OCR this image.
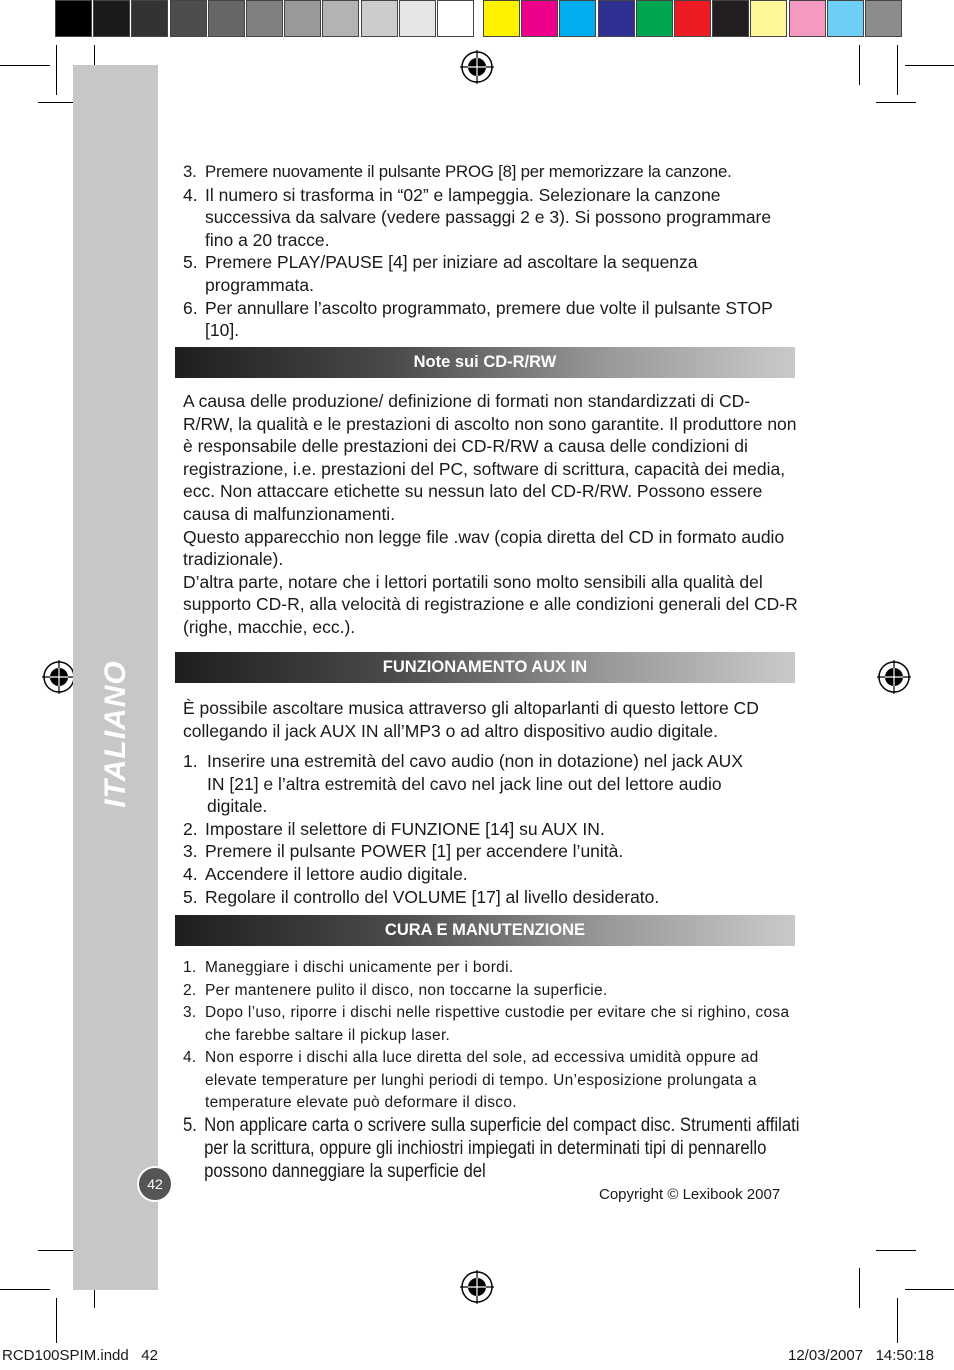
ITALIANO
3. Premere nuovamente il pulsante PROG [8] per memorizzare la canzone.
4. Il numero si trasforma in “02” e lampeggia. Selezionare la canzone successiva da salvare (vedere passaggi 2 e 3). Si possono programmare fino a 20 tracce.
5. Premere PLAY/PAUSE [4] per iniziare ad ascoltare la sequenza programmata.
6. Per annullare l’ascolto programmato, premere due volte il pulsante STOP [10].
Note sui CD-R/RW
A causa delle produzione/ definizione di formati non standardizzati di CD-R/RW, la qualità e le prestazioni di ascolto non sono garantite. Il produttore non è responsabile delle prestazioni dei CD-R/RW a causa delle condizioni di registrazione, i.e. prestazioni del PC, software di scrittura, capacità dei media, ecc. Non attaccare etichette su nessun lato del CD-R/RW. Possono essere causa di malfunzionamenti.
Questo apparecchio non legge file .wav (copia diretta del CD in formato audio tradizionale).
D’altra parte, notare che i lettori portatili sono molto sensibili alla qualità del supporto CD-R, alla velocità di registrazione e alle condizioni generali del CD-R (righe, macchie, ecc.).
FUNZIONAMENTO AUX IN
È possibile ascoltare musica attraverso gli altoparlanti di questo lettore CD collegando il jack AUX IN all’MP3 o ad altro dispositivo audio digitale.
1. Inserire una estremità del cavo audio (non in dotazione) nel jack AUX IN [21] e l’altra estremità del cavo nel jack line out del lettore audio digitale.
2. Impostare il selettore di FUNZIONE [14] su AUX IN.
3. Premere il pulsante POWER [1] per accendere l’unità.
4. Accendere il lettore audio digitale.
5. Regolare il controllo del VOLUME [17] al livello desiderato.
CURA E MANUTENZIONE
1. Maneggiare i dischi unicamente per i bordi.
2. Per mantenere pulito il disco, non toccarne la superficie.
3. Dopo l’uso, riporre i dischi nelle rispettive custodie per evitare che si righino, cosa che farebbe saltare il pickup laser.
4. Non esporre i dischi alla luce diretta del sole, ad eccessiva umidità oppure ad elevate temperature per lunghi periodi di tempo. Un’esposizione prolungata a temperature elevate può deformare il disco.
5. Non applicare carta o scrivere sulla superficie del compact disc. Strumenti affilati per la scrittura, oppure gli inchiostri impiegati in determinati tipi di pennarello possono danneggiare la superficie del
42
Copyright © Lexibook 2007
RCD100SPIM.indd   42	12/03/2007   14:50:18
